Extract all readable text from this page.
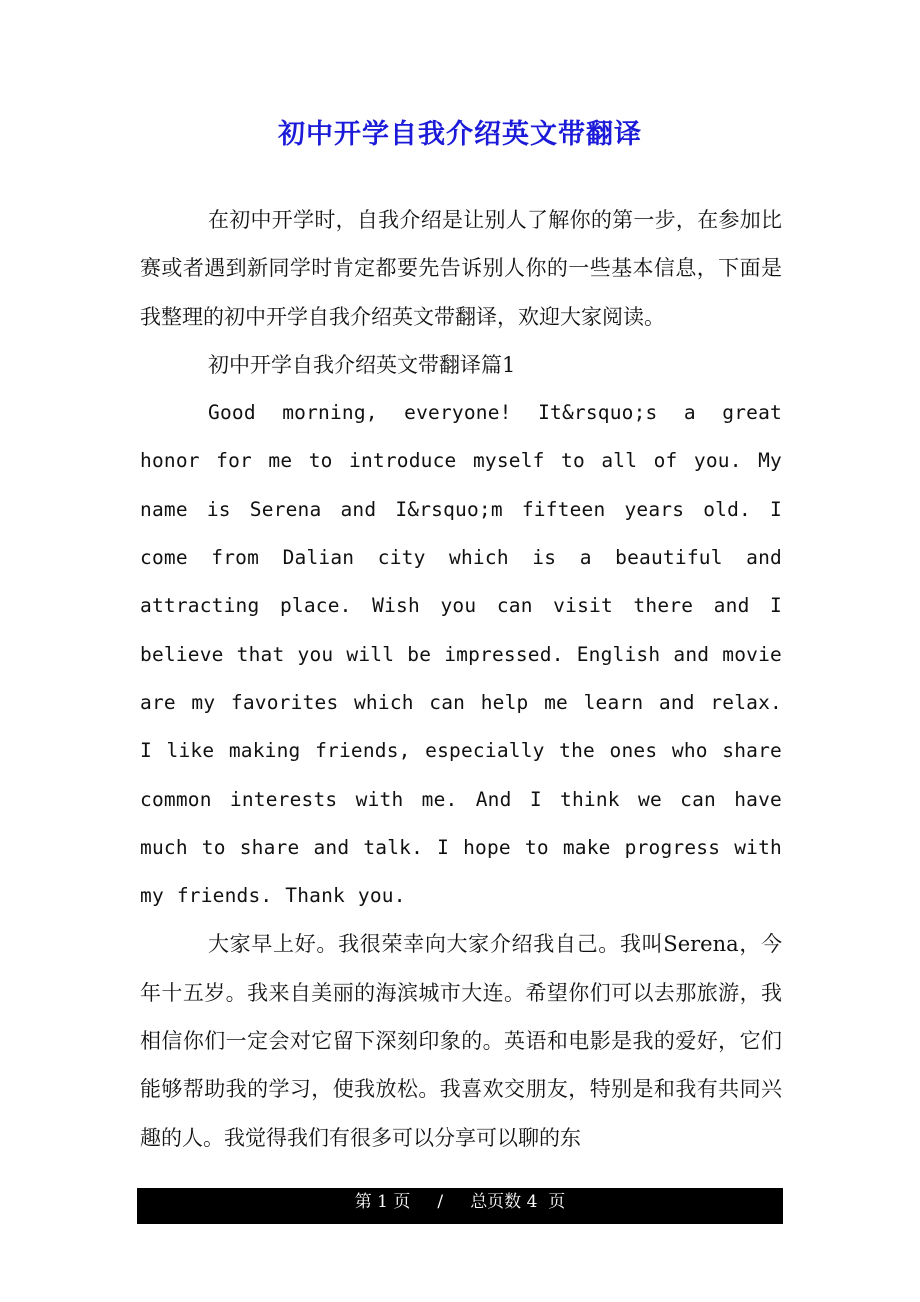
初中开学自我介绍英文带翻译

在初中开学时，自我介绍是让别人了解你的第一步，在参加比赛或者遇到新同学时肯定都要先告诉别人你的一些基本信息，下面是我整理的初中开学自我介绍英文带翻译，欢迎大家阅读。

初中开学自我介绍英文带翻译篇1

Good morning, everyone! It&rsquo;s a great honor for me to introduce myself to all of you. My name is Serena and I&rsquo;m fifteen years old. I come from Dalian city which is a beautiful and attracting place. Wish you can visit there and I believe that you will be impressed. English and movie are my favorites which can help me learn and relax. I like making friends, especially the ones who share common interests with me. And I think we can have much to share and talk. I hope to make progress with my friends. Thank you.

大家早上好。我很荣幸向大家介绍我自己。我叫Serena，今年十五岁。我来自美丽的海滨城市大连。希望你们可以去那旅游，我相信你们一定会对它留下深刻印象的。英语和电影是我的爱好，它们能够帮助我的学习，使我放松。我喜欢交朋友，特别是和我有共同兴趣的人。我觉得我们有很多可以分享可以聊的东

第 1 页 / 总页数 4 页
